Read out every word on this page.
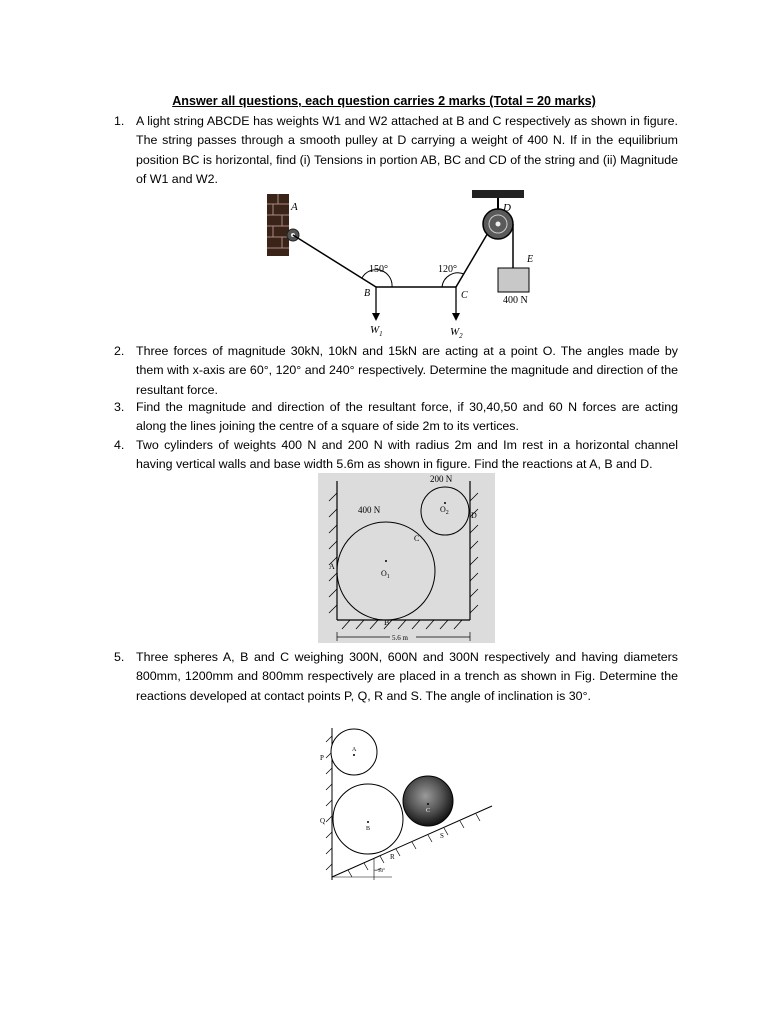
Answer all questions, each question carries 2 marks (Total = 20 marks)
1. A light string ABCDE has weights W1 and W2 attached at B and C respectively as shown in figure. The string passes through a smooth pulley at D carrying a weight of 400 N. If in the equilibrium position BC is horizontal, find (i) Tensions in portion AB, BC and CD of the string and (ii) Magnitude of W1 and W2.
A
150°	120°
B	C
$W_1$	$W_2$
D
E
400 N
2. Three forces of magnitude 30kN, 10kN and 15kN are acting at a point O. The angles made by them with x-axis are 60°, 120° and 240° respectively. Determine the magnitude and direction of the resultant force.
3. Find the magnitude and direction of the resultant force, if 30,40,50 and 60 N forces are acting along the lines joining the centre of a square of side 2m to its vertices.
4. Two cylinders of weights 400 N and 200 N with radius 2m and Im rest in a horizontal channel having vertical walls and base width 5.6m as shown in figure. Find the reactions at A, B and D.
200 N
400 N	$O_2$
$O_1$
A
B
C
D
5.6 m
5. Three spheres A, B and C weighing 300N, 600N and 300N respectively and having diameters 800mm, 1200mm and 800mm respectively are placed in a trench as shown in Fig. Determine the reactions developed at contact points P, Q, R and S. The angle of inclination is 30°.
A
B
C
P
Q
R
S
30°
